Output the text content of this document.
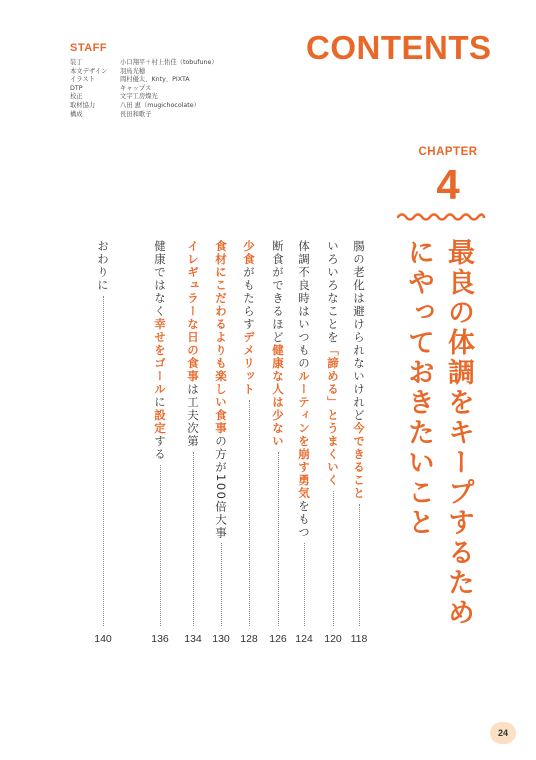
STAFF
装丁	小口翔平＋村上佑佳（tobufune）
本文デザイン	羽鳥光穂
イラスト	岡村優太、Knty、PIXTA
DTP	キャップス
校正	文字工房燦光
取材協力	八田 恵（mugichocolate）
構成	長田和歌子
CONTENTS
CHAPTER
4
最良の体調をキープするためにやっておきたいこと
腸の老化は避けられないけれど今できること
118
いろいろなことを「諦める」とうまくいく
120
体調不良時はいつものルーティンを崩す勇気をもつ
124
断食ができるほど健康な人は少ない
126
少食がもたらすデメリット
128
食材にこだわるよりも楽しい食事の方が100倍大事
130
イレギュラーな日の食事は工夫次第
134
健康ではなく幸せをゴールに設定する
136
おわりに
140
24
